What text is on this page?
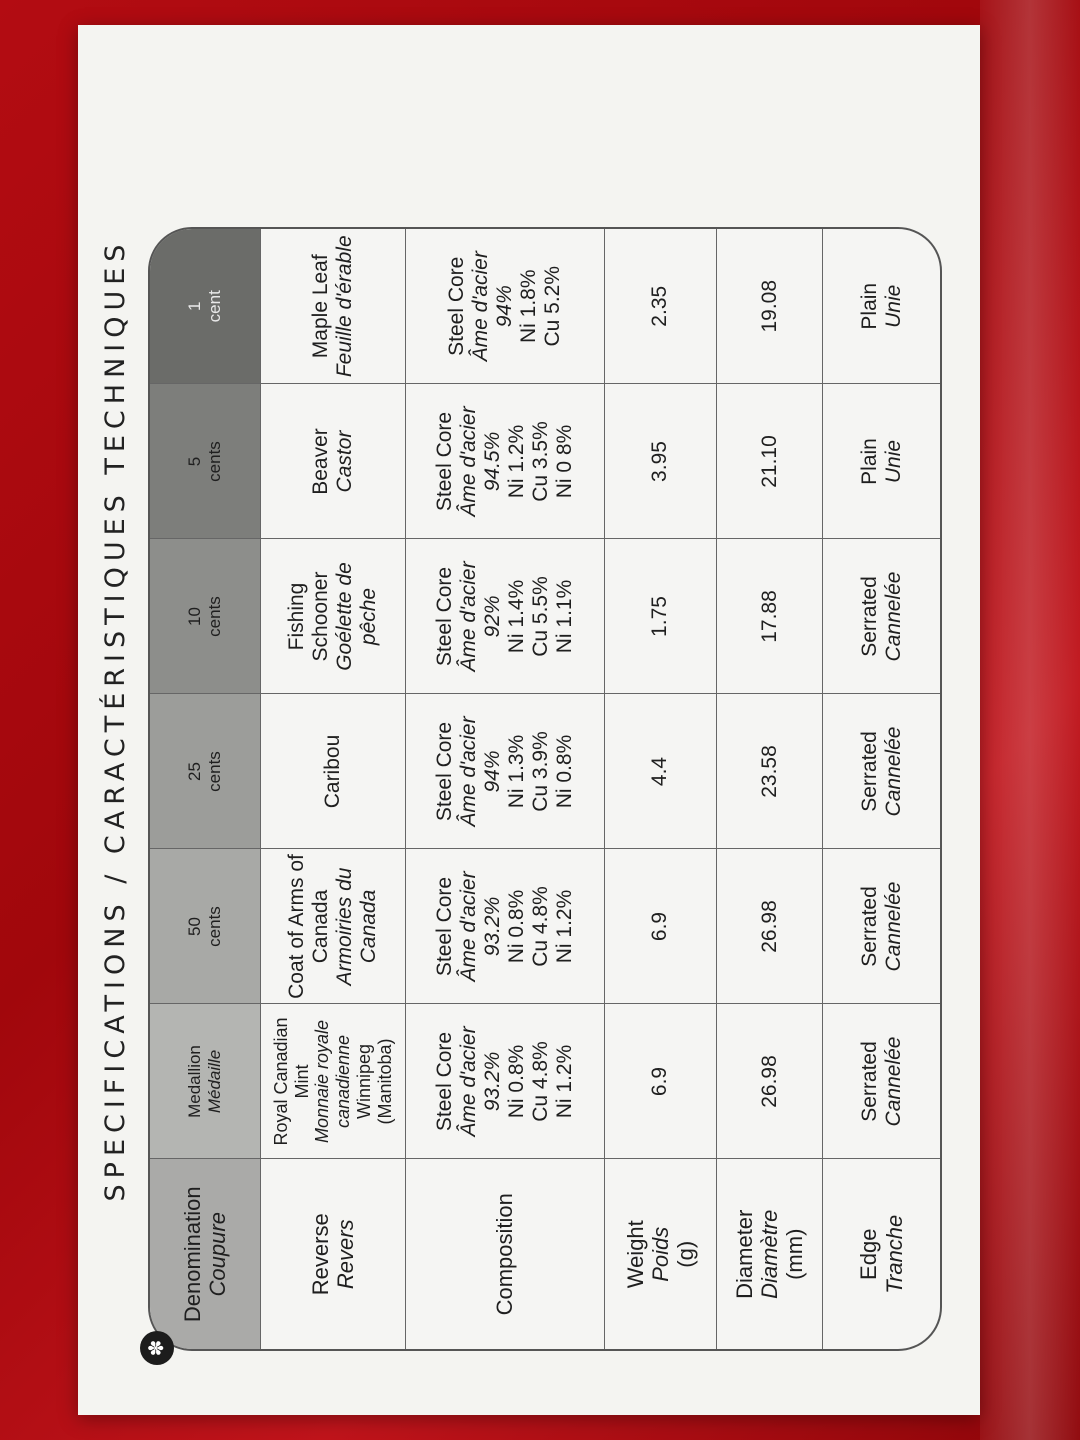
SPECIFICATIONS / CARACTÉRISTIQUES TECHNIQUES
✽
Denomination Coupure	Medallion Médaille	50 cents	25 cents	10 cents	5 cents	1 cent

Reverse Revers	Royal Canadian Mint Monnaie royale canadienne Winnipeg (Manitoba)	Coat of Arms of Canada Armoiries du Canada	Caribou	Fishing Schooner Goélette de pêche	Beaver Castor	Maple Leaf Feuille d'érable

Composition	Steel Core Âme d'acier 93.2% Ni 0.8% Cu 4.8% Ni 1.2%	Steel Core Âme d'acier 93.2% Ni 0.8% Cu 4.8% Ni 1.2%	Steel Core Âme d'acier 94% Ni 1.3% Cu 3.9% Ni 0.8%	Steel Core Âme d'acier 92% Ni 1.4% Cu 5.5% Ni 1.1%	Steel Core Âme d'acier 94.5% Ni 1.2% Cu 3.5% Ni 0 8%	Steel Core Âme d'acier 94% Ni 1.8% Cu 5.2%

Weight Poids (g)	6.9	6.9	4.4	1.75	3.95	2.35

Diameter Diamètre (mm)	26.98	26.98	23.58	17.88	21.10	19.08

Edge Tranche	Serrated Cannelée	Serrated Cannelée	Serrated Cannelée	Serrated Cannelée	Plain Unie	Plain Unie
